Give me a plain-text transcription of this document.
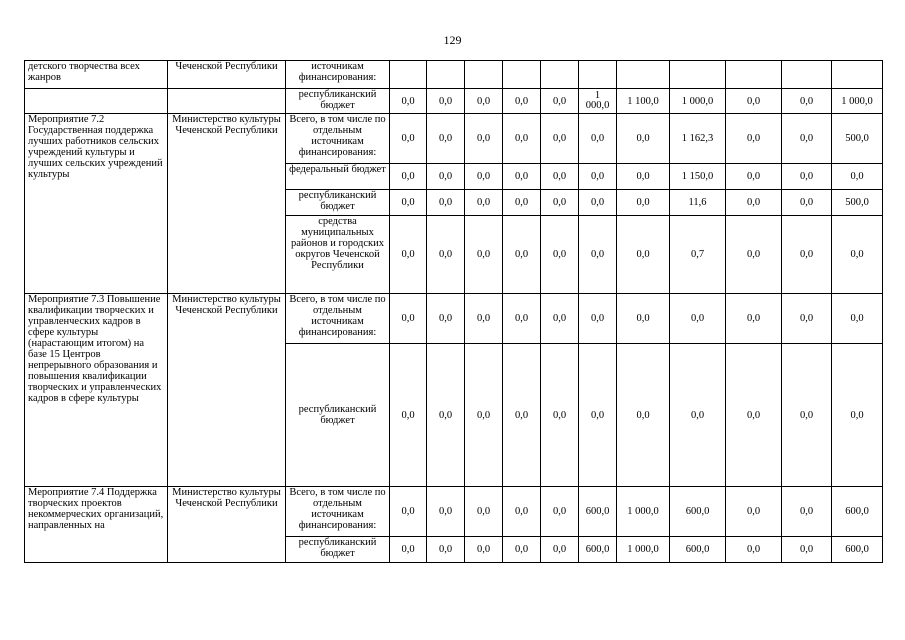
129
детского творчества всех жанров	Чеченской Республики	источникам финансирования:											
		республиканский бюджет	0,0	0,0	0,0	0,0	0,0	1 000,0	1 100,0	1 000,0	0,0	0,0	1 000,0
Мероприятие 7.2 Государственная поддержка лучших работников сельских учреждений культуры и лучших сельских учреждений культуры	Министерство культуры Чеченской Республики	Всего, в том числе по отдельным источникам финансирования:	0,0	0,0	0,0	0,0	0,0	0,0	0,0	1 162,3	0,0	0,0	500,0
		федеральный бюджет	0,0	0,0	0,0	0,0	0,0	0,0	0,0	1 150,0	0,0	0,0	0,0
		республиканский бюджет	0,0	0,0	0,0	0,0	0,0	0,0	0,0	11,6	0,0	0,0	500,0
		средства муниципальных районов и городских округов Чеченской Республики	0,0	0,0	0,0	0,0	0,0	0,0	0,0	0,7	0,0	0,0	0,0
Мероприятие 7.3 Повышение квалификации творческих и управленческих кадров в сфере культуры (нарастающим итогом) на базе 15 Центров непрерывного образования и повышения квалификации творческих и управленческих кадров в сфере культуры	Министерство культуры Чеченской Республики	Всего, в том числе по отдельным источникам финансирования:	0,0	0,0	0,0	0,0	0,0	0,0	0,0	0,0	0,0	0,0	0,0
		республиканский бюджет	0,0	0,0	0,0	0,0	0,0	0,0	0,0	0,0	0,0	0,0	0,0
Мероприятие 7.4 Поддержка творческих проектов некоммерческих организаций, направленных на	Министерство культуры Чеченской Республики	Всего, в том числе по отдельным источникам финансирования:	0,0	0,0	0,0	0,0	0,0	600,0	1 000,0	600,0	0,0	0,0	600,0
		республиканский бюджет	0,0	0,0	0,0	0,0	0,0	600,0	1 000,0	600,0	0,0	0,0	600,0
